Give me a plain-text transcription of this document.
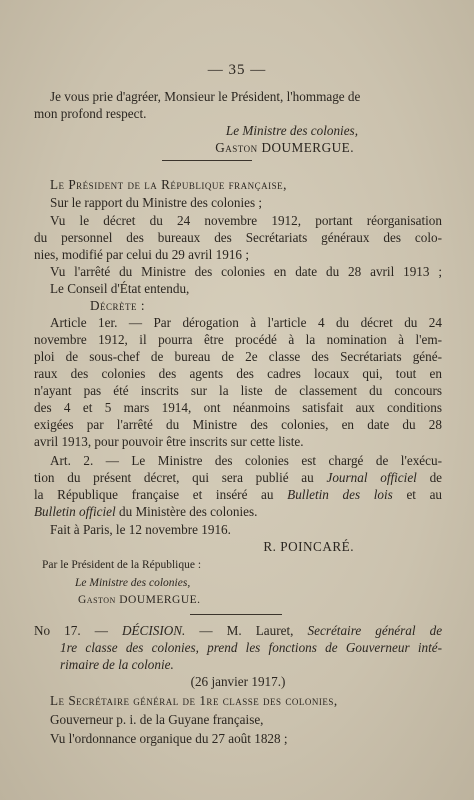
— 35 —
Je vous prie d'agréer, Monsieur le Président, l'hommage de
mon profond respect.
Le Ministre des colonies,
Gaston DOUMERGUE.
Le Président de la République française,
Sur le rapport du Ministre des colonies ;
Vu le décret du 24 novembre 1912, portant réorganisation
du personnel des bureaux des Secrétariats généraux des colo-
nies, modifié par celui du 29 avril 1916 ;
Vu l'arrêté du Ministre des colonies en date du 28 avril 1913 ;
Le Conseil d'État entendu,
Décrète :
Article 1er. — Par dérogation à l'article 4 du décret du 24
novembre 1912, il pourra être procédé à la nomination à l'em-
ploi de sous-chef de bureau de 2e classe des Secrétariats géné-
raux des colonies des agents des cadres locaux qui, tout en
n'ayant pas été inscrits sur la liste de classement du concours
des 4 et 5 mars 1914, ont néanmoins satisfait aux conditions
exigées par l'arrêté du Ministre des colonies, en date du 28
avril 1913, pour pouvoir être inscrits sur cette liste.
Art. 2. — Le Ministre des colonies est chargé de l'exécu-
tion du présent décret, qui sera publié au Journal officiel de
la République française et inséré au Bulletin des lois et au
Bulletin officiel du Ministère des colonies.
Fait à Paris, le 12 novembre 1916.
R. POINCARÉ.
Par le Président de la République :
Le Ministre des colonies,
Gaston DOUMERGUE.
No 17. — DÉCISION. — M. Lauret, Secrétaire général de
1re classe des colonies, prend les fonctions de Gouverneur inté-
rimaire de la colonie.
(26 janvier 1917.)
Le Secrétaire général de 1re classe des colonies,
Gouverneur p. i. de la Guyane française,
Vu l'ordonnance organique du 27 août 1828 ;
